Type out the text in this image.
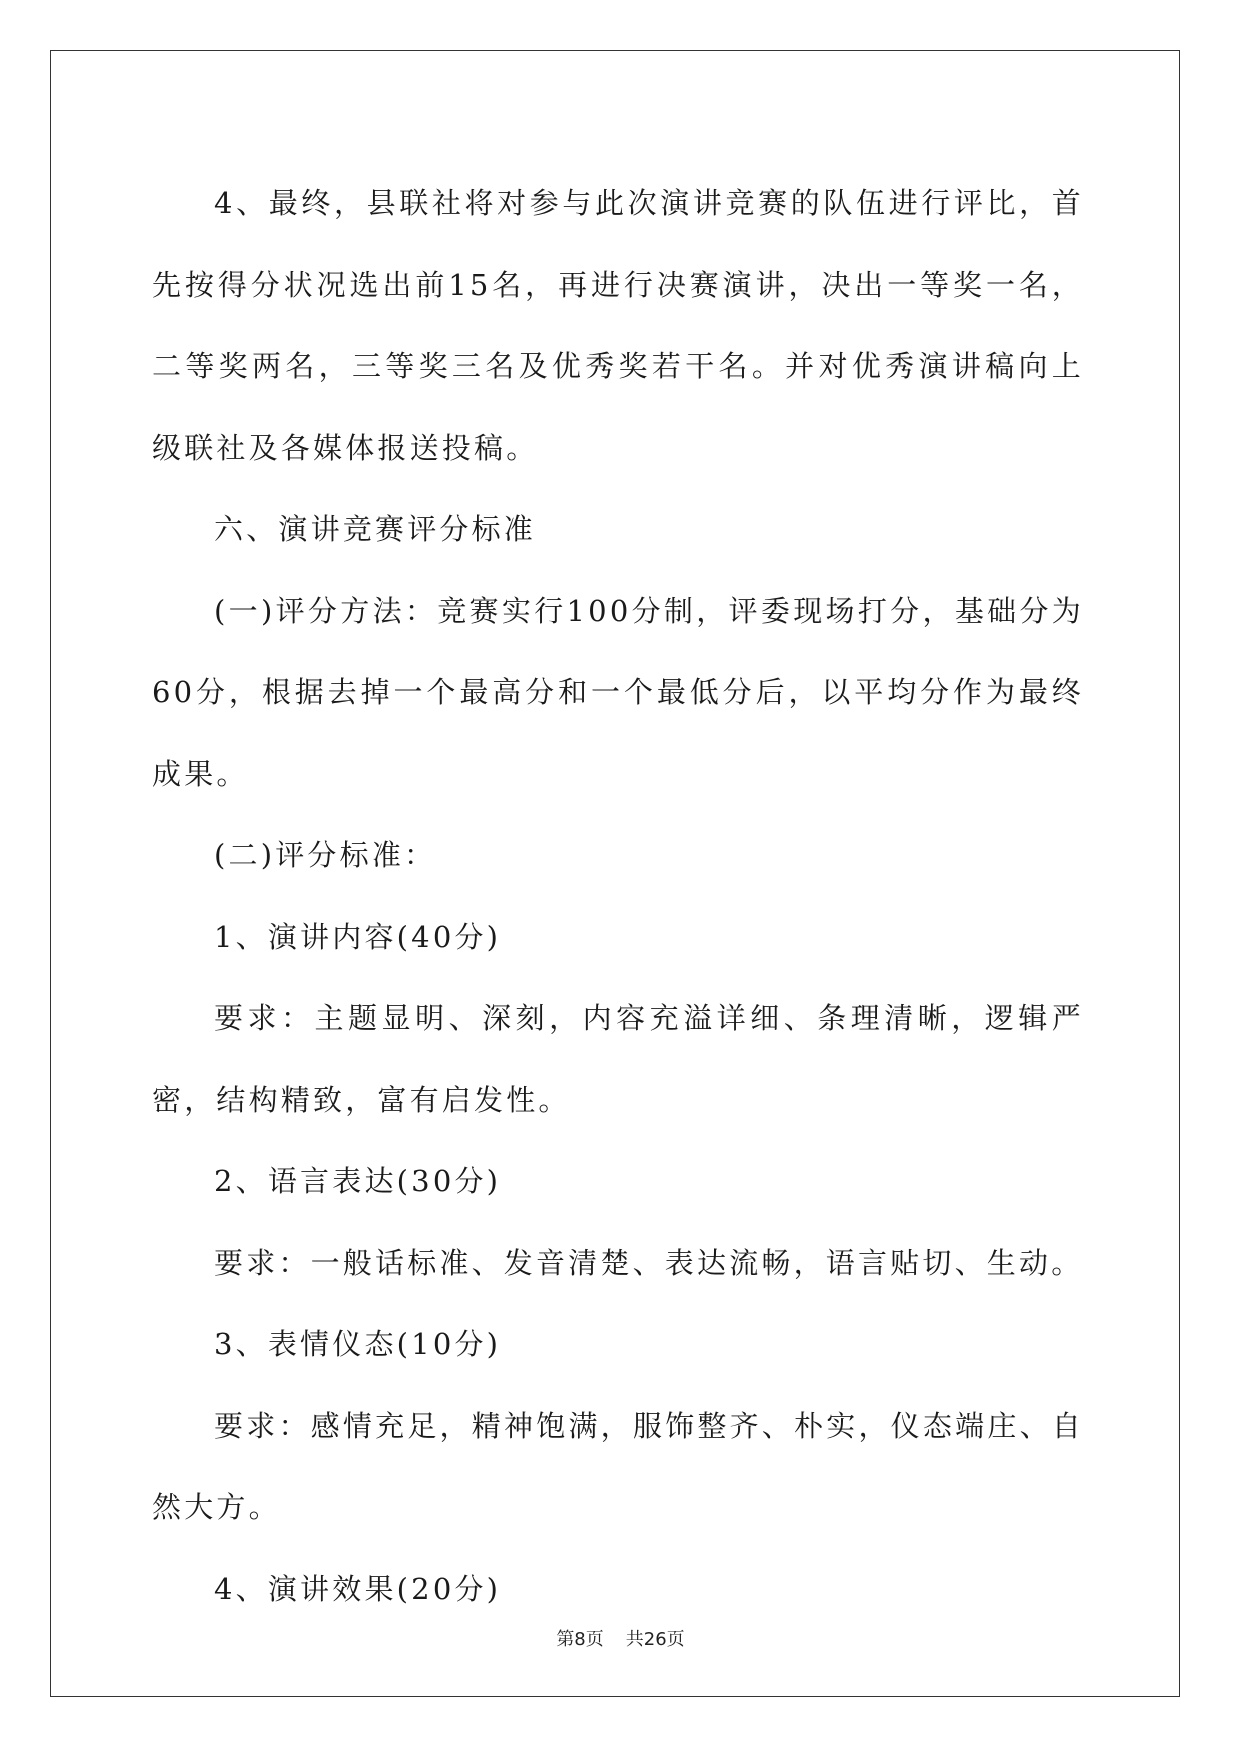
4、最终，县联社将对参与此次演讲竞赛的队伍进行评比，首先按得分状况选出前15名，再进行决赛演讲，决出一等奖一名，二等奖两名，三等奖三名及优秀奖若干名。并对优秀演讲稿向上级联社及各媒体报送投稿。

六、演讲竞赛评分标准

(一)评分方法：竞赛实行100分制，评委现场打分，基础分为60分，根据去掉一个最高分和一个最低分后，以平均分作为最终成果。

(二)评分标准：

1、演讲内容(40分)

要求：主题显明、深刻，内容充溢详细、条理清晰，逻辑严密，结构精致，富有启发性。

2、语言表达(30分)

要求：一般话标准、发音清楚、表达流畅，语言贴切、生动。

3、表情仪态(10分)

要求：感情充足，精神饱满，服饰整齐、朴实，仪态端庄、自然大方。

4、演讲效果(20分)

第8页 共26页
